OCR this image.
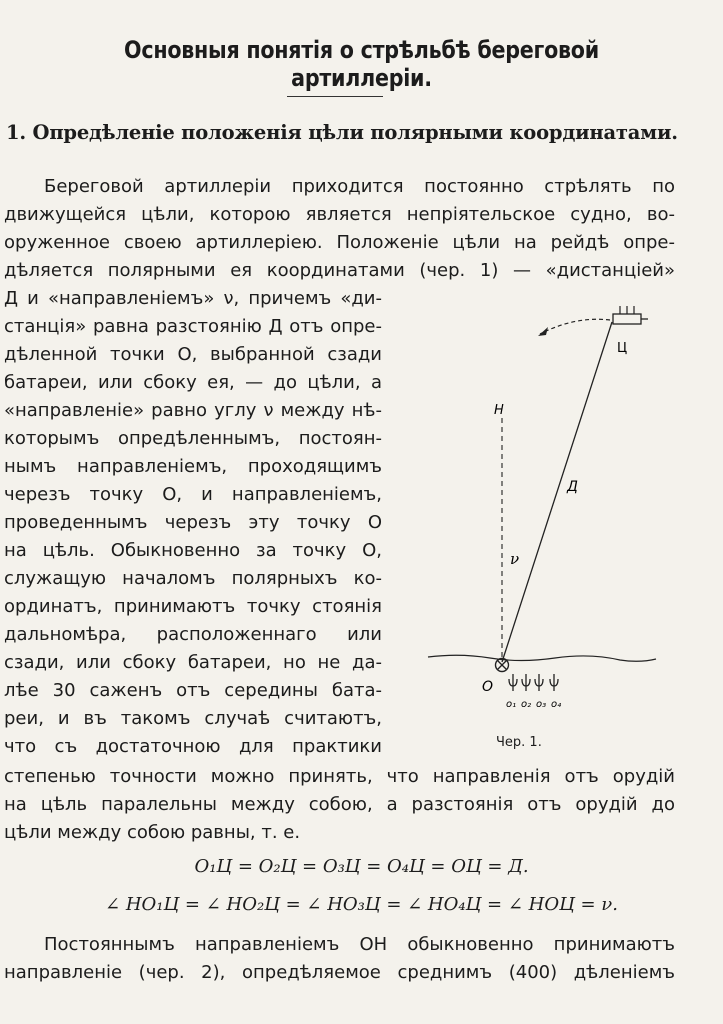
Основныя понятія о стрѣльбѣ береговой артиллеріи.
1. Опредѣленіе положенія цѣли полярными координатами.
Береговой артиллеріи приходится постоянно стрѣлять по
движущейся цѣли, которою является непріятельское судно, во-
оруженное своею артиллеріею. Положеніе цѣли на рейдѣ опре-
дѣляется полярными ея координатами (чер. 1) — «дистанціей»
Д и «направленіемъ» ν, причемъ «ди-
станція» равна разстоянію Д отъ опре-
дѣленной точки О, выбранной сзади
батареи, или сбоку ея, — до цѣли, а
«направленіе» равно углу ν между нѣ-
которымъ опредѣленнымъ, постоян-
нымъ направленіемъ, проходящимъ
черезъ точку О, и направленіемъ,
проведеннымъ черезъ эту точку О
на цѣль. Обыкновенно за точку О,
служащую началомъ полярныхъ ко-
ординатъ, принимаютъ точку стоянія
дальномѣра, расположеннаго или
сзади, или сбоку батареи, но не да-
лѣе 30 саженъ отъ середины бата-
реи, и въ такомъ случаѣ считаютъ,
что съ достаточною для практики
степенью точности можно принять, что направленія отъ орудій
на цѣль паралельны между собою, а разстоянія отъ орудій до
цѣли между собою равны, т. е.
О₁Ц = О₂Ц = О₃Ц = О₄Ц = ОЦ = Д.
∠ НО₁Ц = ∠ НО₂Ц = ∠ НО₃Ц = ∠ НО₄Ц = ∠ НОЦ = ν.
Постояннымъ направленіемъ ОН обыкновенно принимаютъ
направленіе (чер. 2), опредѣляемое среднимъ (400) дѣленіемъ
Ц
Н
Д
ν
О
о₁ о₂ о₃ о₄
Чер. 1.
